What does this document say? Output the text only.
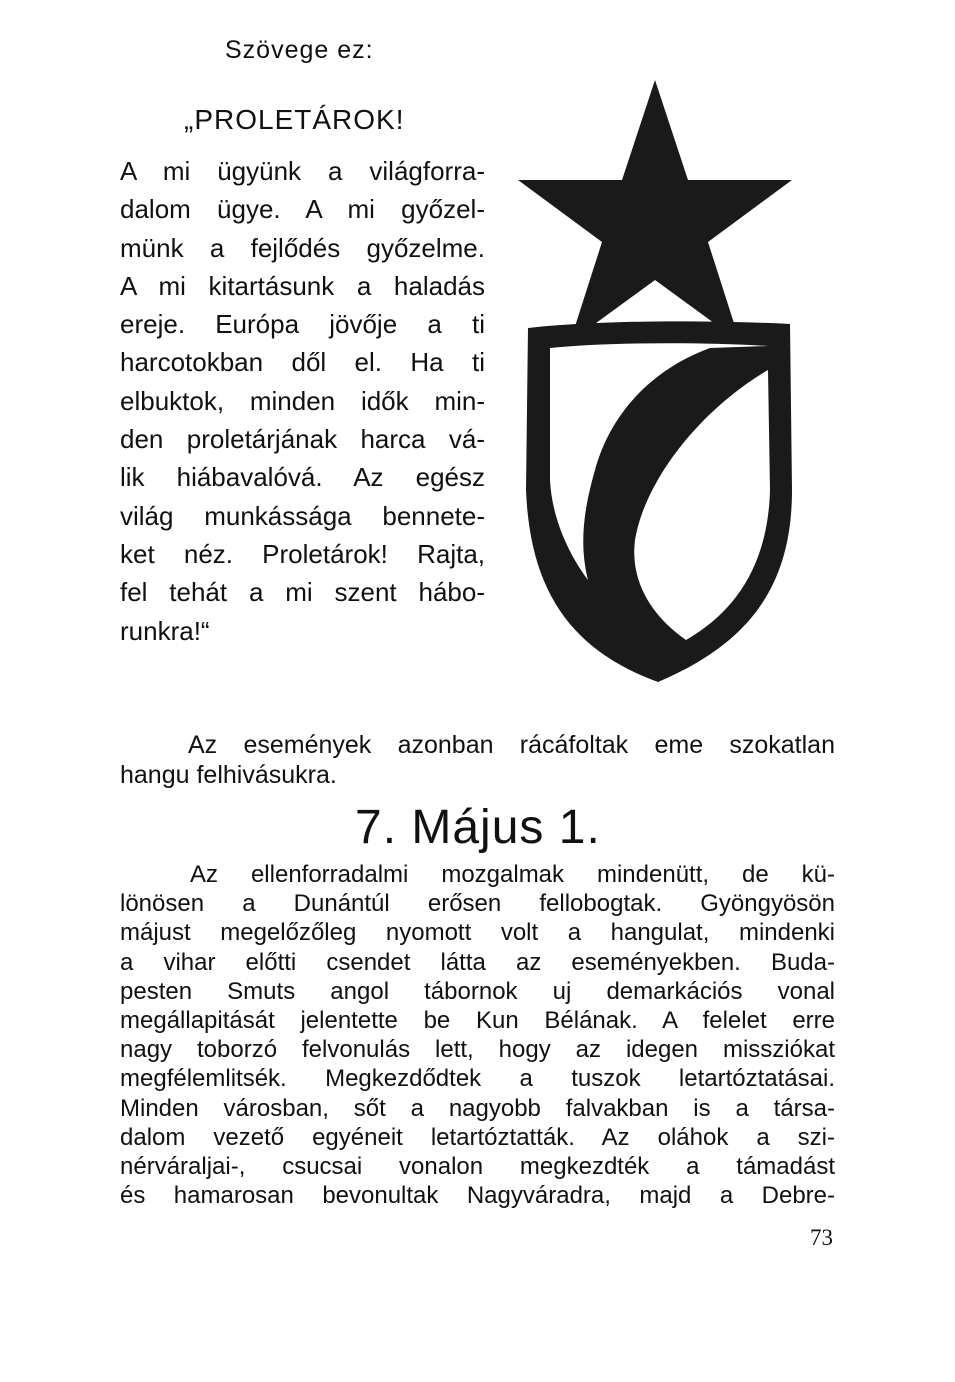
Szövege ez:
„PROLETÁROK!
A mi ügyünk a világforra-
dalom ügye. A mi győzel-
münk a fejlődés győzelme.
A mi kitartásunk a haladás
ereje. Európa jövője a ti
harcotokban dől el. Ha ti
elbuktok, minden idők min-
den proletárjának harca vá-
lik hiábavalóvá. Az egész
világ munkássága bennete-
ket néz. Proletárok! Rajta,
fel tehát a mi szent hábo-
runkra!“
Az események azonban rácáfoltak eme szokatlan
hangu felhivásukra.
7. Május 1.
Az ellenforradalmi mozgalmak mindenütt, de kü-
lönösen a Dunántúl erősen fellobogtak. Gyöngyösön
májust megelőzőleg nyomott volt a hangulat, mindenki
a vihar előtti csendet látta az eseményekben. Buda-
pesten Smuts angol tábornok uj demarkációs vonal
megállapitását jelentette be Kun Bélának. A felelet erre
nagy toborzó felvonulás lett, hogy az idegen missziókat
megfélemlitsék. Megkezdődtek a tuszok letartóztatásai.
Minden városban, sőt a nagyobb falvakban is a társa-
dalom vezető egyéneit letartóztatták. Az oláhok a szi-
nérváraljai-, csucsai vonalon megkezdték a támadást
és hamarosan bevonultak Nagyváradra, majd a Debre-
73
